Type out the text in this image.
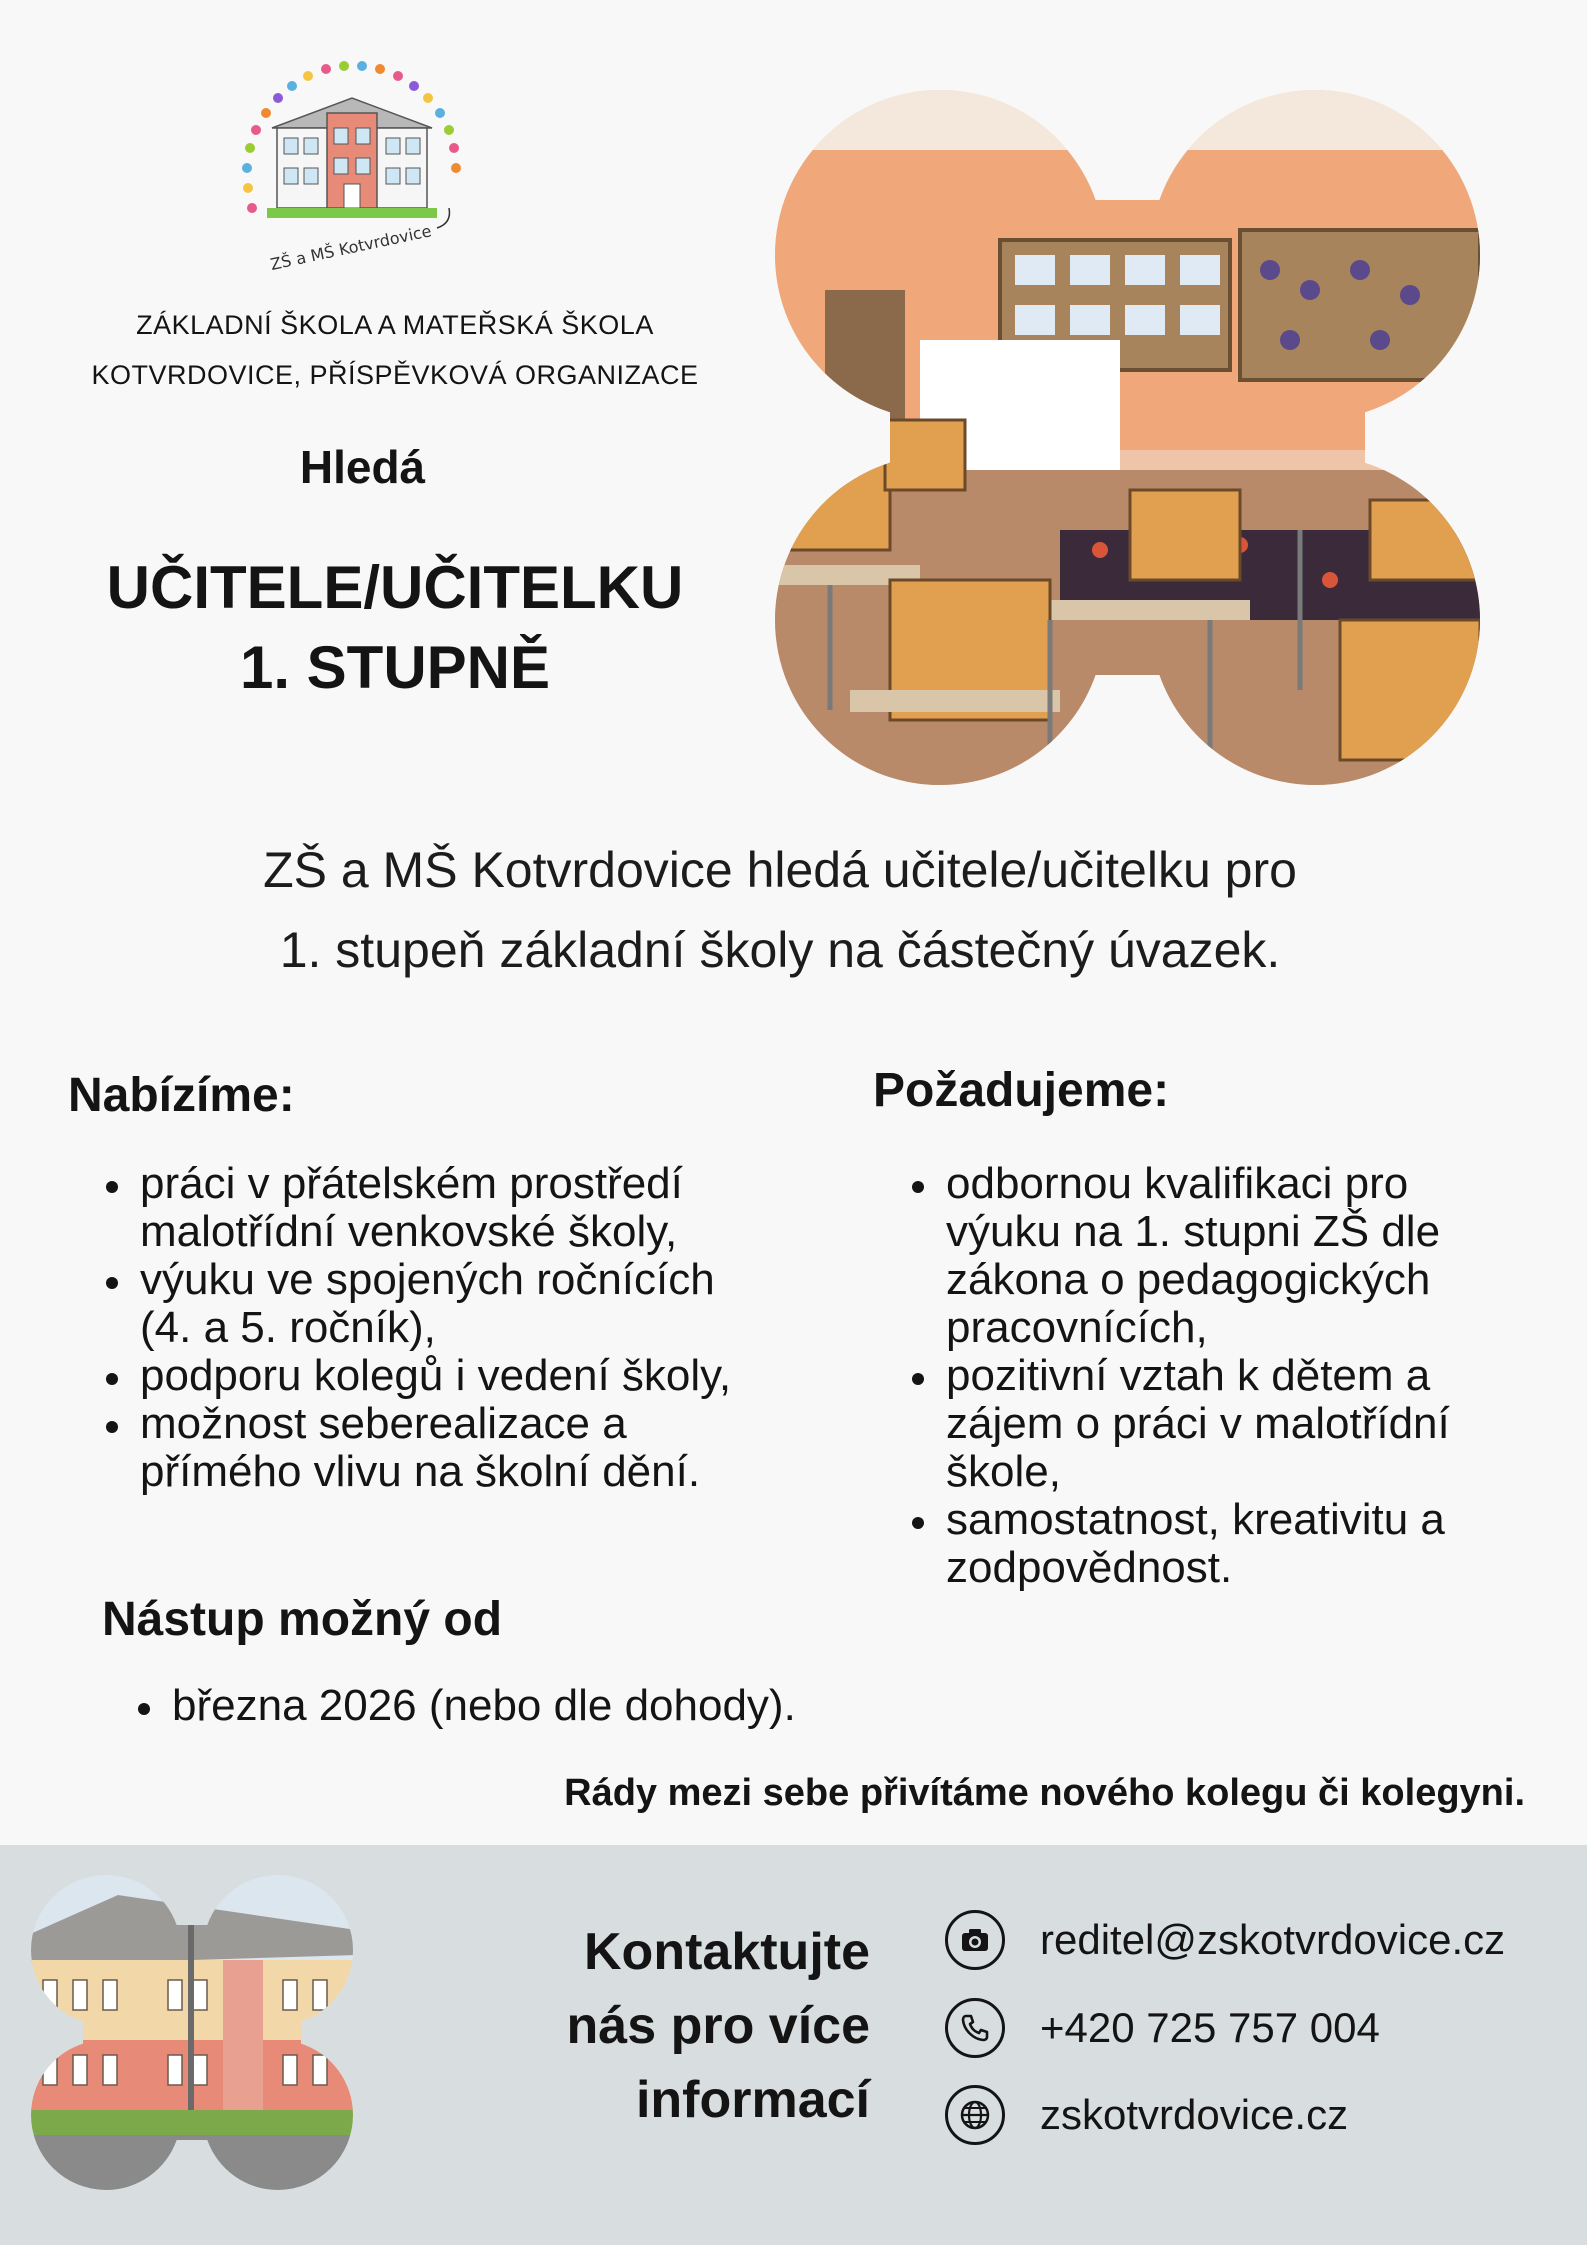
ZŠ a MŠ Kotvrdovice
ZÁKLADNÍ ŠKOLA A MATEŘSKÁ ŠKOLA
KOTVRDOVICE, PŘÍSPĚVKOVÁ ORGANIZACE
Hledá
UČITELE/UČITELKU
1. STUPNĚ
ZŠ a MŠ Kotvrdovice hledá učitele/učitelku pro
1. stupeň základní školy na částečný úvazek.
Nabízíme:
práci v přátelském prostředí
malotřídní venkovské školy,
výuku ve spojených ročnících
(4. a 5. ročník),
podporu kolegů i vedení školy,
možnost seberealizace a
přímého vlivu na školní dění.
Požadujeme:
odbornou kvalifikaci pro
výuku na 1. stupni ZŠ dle
zákona o pedagogických
pracovnících,
pozitivní vztah k dětem a
zájem o práci v malotřídní
škole,
samostatnost, kreativitu a
zodpovědnost.
Nástup možný od
března 2026 (nebo dle dohody).
Rády mezi sebe přivítáme nového kolegu či kolegyni.
Kontaktujte
nás pro více
informací
reditel@zskotvrdovice.cz
+420 725 757 004
zskotvrdovice.cz
